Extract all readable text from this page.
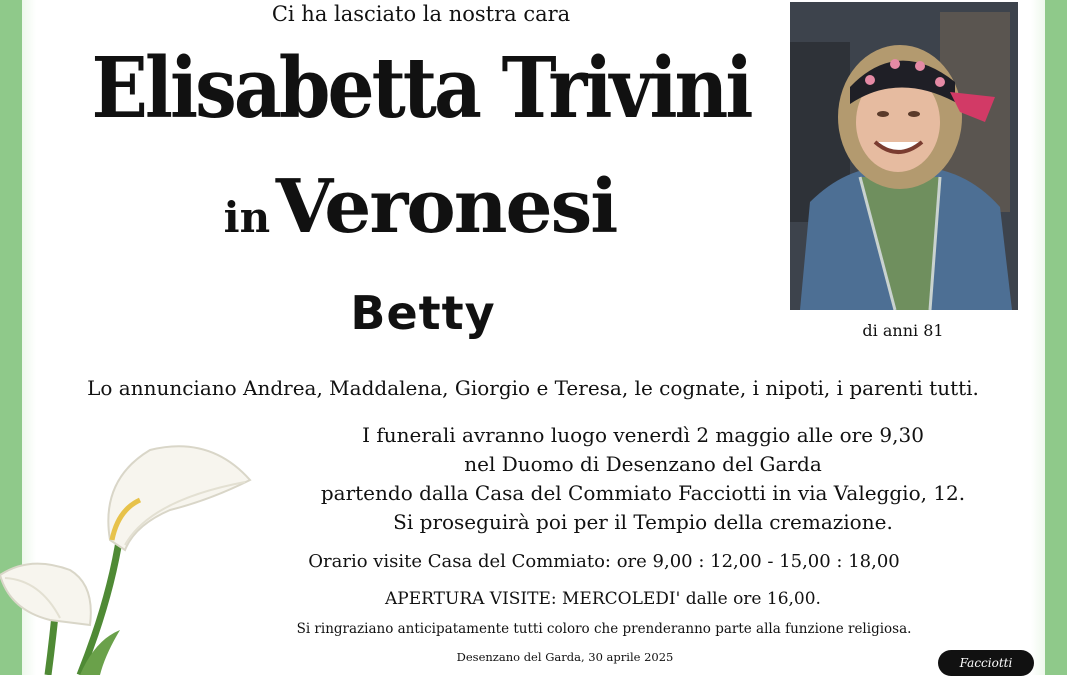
Ci ha lasciato la nostra cara
Elisabetta Trivini
in Veronesi
Betty	di anni 81
Lo annunciano Andrea, Maddalena, Giorgio e Teresa, le cognate, i nipoti, i parenti tutti.
I funerali avranno luogo venerdì 2 maggio alle ore 9,30
nel Duomo di Desenzano del Garda
partendo dalla Casa del Commiato Facciotti in via Valeggio, 12.
Si proseguirà poi per il Tempio della cremazione.
Orario visite Casa del Commiato: ore 9,00 : 12,00 - 15,00 : 18,00
APERTURA VISITE: MERCOLEDI' dalle ore 16,00.
Si ringraziano anticipatamente tutti coloro che prenderanno parte alla funzione religiosa.
Desenzano del Garda, 30 aprile 2025	Facciotti
